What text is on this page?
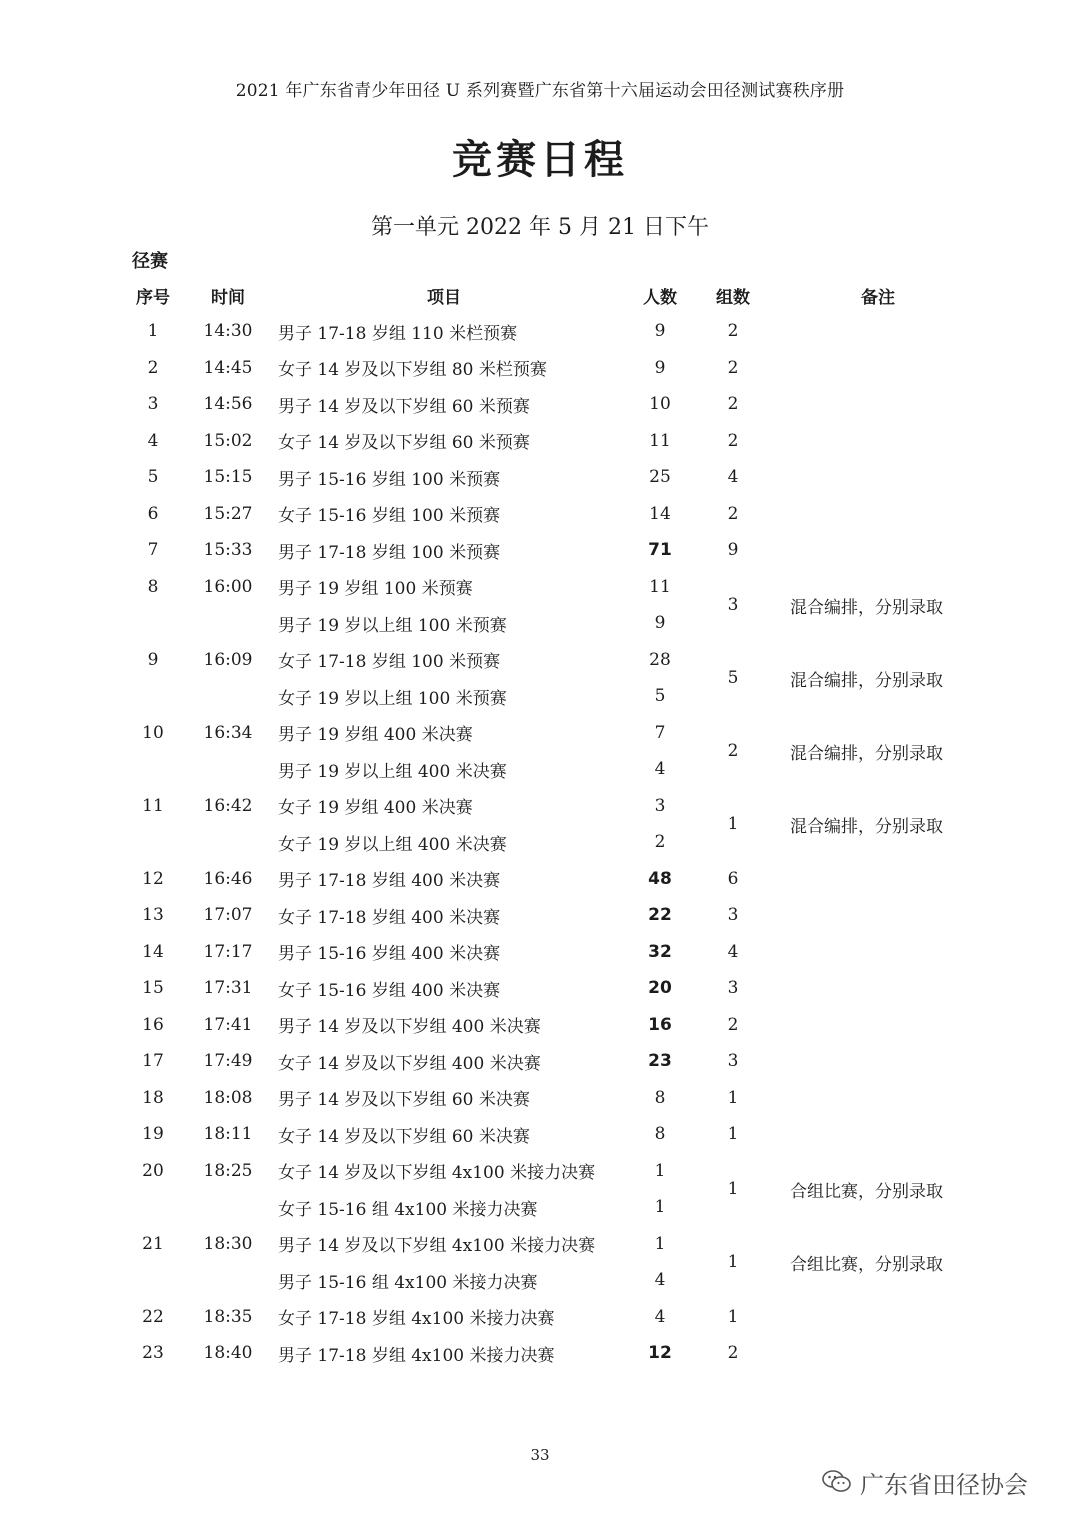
2021 年广东省青少年田径 U 系列赛暨广东省第十六届运动会田径测试赛秩序册
竞赛日程
第一单元 2022 年 5 月 21 日下午
径赛
序号	时间	项目	人数	组数	备注
1	14:30	男子 17-18 岁组 110 米栏预赛	9	2	
2	14:45	女子 14 岁及以下岁组 80 米栏预赛	9	2	
3	14:56	男子 14 岁及以下岁组 60 米预赛	10	2	
4	15:02	女子 14 岁及以下岁组 60 米预赛	11	2	
5	15:15	男子 15-16 岁组 100 米预赛	25	4	
6	15:27	女子 15-16 岁组 100 米预赛	14	2	
7	15:33	男子 17-18 岁组 100 米预赛	71	9	
8	16:00	男子 19 岁组 100 米预赛	11	3	混合编排，分别录取
		男子 19 岁以上组 100 米预赛	9		
9	16:09	女子 17-18 岁组 100 米预赛	28	5	混合编排，分别录取
		女子 19 岁以上组 100 米预赛	5		
10	16:34	男子 19 岁组 400 米决赛	7	2	混合编排，分别录取
		男子 19 岁以上组 400 米决赛	4		
11	16:42	女子 19 岁组 400 米决赛	3	1	混合编排，分别录取
		女子 19 岁以上组 400 米决赛	2		
12	16:46	男子 17-18 岁组 400 米决赛	48	6	
13	17:07	女子 17-18 岁组 400 米决赛	22	3	
14	17:17	男子 15-16 岁组 400 米决赛	32	4	
15	17:31	女子 15-16 岁组 400 米决赛	20	3	
16	17:41	男子 14 岁及以下岁组 400 米决赛	16	2	
17	17:49	女子 14 岁及以下岁组 400 米决赛	23	3	
18	18:08	男子 14 岁及以下岁组 60 米决赛	8	1	
19	18:11	女子 14 岁及以下岁组 60 米决赛	8	1	
20	18:25	女子 14 岁及以下岁组 4x100 米接力决赛	1	1	合组比赛，分别录取
		女子 15-16 组 4x100 米接力决赛	1		
21	18:30	男子 14 岁及以下岁组 4x100 米接力决赛	1	1	合组比赛，分别录取
		男子 15-16 组 4x100 米接力决赛	4		
22	18:35	女子 17-18 岁组 4x100 米接力决赛	4	1	
23	18:40	男子 17-18 岁组 4x100 米接力决赛	12	2	
33
广东省田径协会
